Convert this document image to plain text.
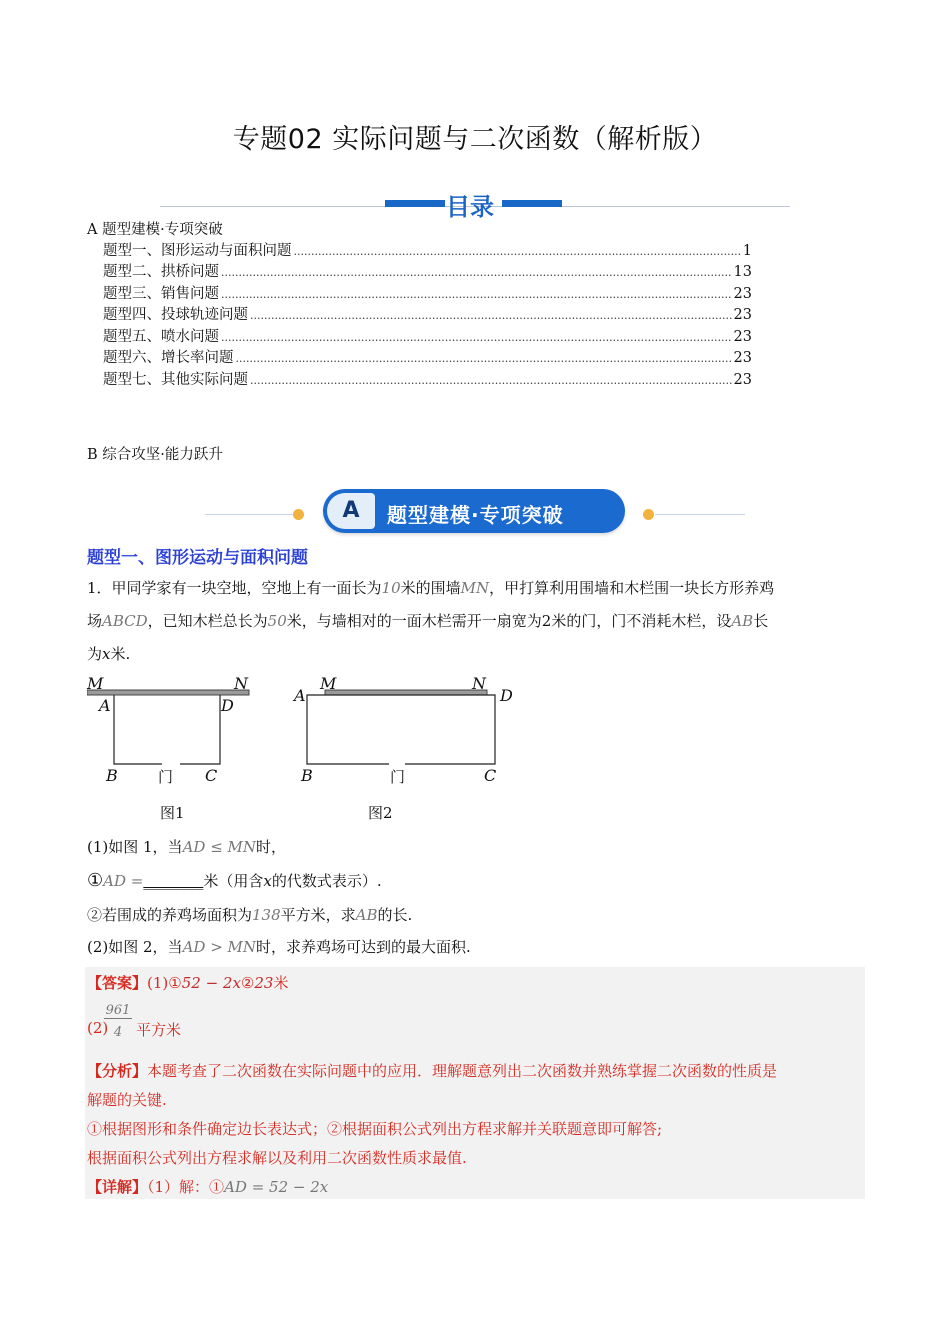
专题02 实际问题与二次函数（解析版）
目录
A 题型建模·专项突破
题型一、图形运动与面积问题 .....	1
题型二、拱桥问题 .....	13
题型三、销售问题 .....	23
题型四、投球轨迹问题 .....	23
题型五、喷水问题 .....	23
题型六、增长率问题 .....	23
题型七、其他实际问题 .....	23
B 综合攻坚·能力跃升
A	题型建模·专项突破
题型一、图形运动与面积问题
1．甲同学家有一块空地，空地上有一面长为10米的围墙MN，甲打算利用围墙和木栏围一块长方形养鸡
场ABCD，已知木栏总长为50米，与墙相对的一面木栏需开一扇宽为2米的门，门不消耗木栏，设AB长
为x米.
M	N
A	D
B	C
门
图1
M	N
A	D
B	C
门
图2
(1)如图 1，当AD ≤ MN时，
①AD =________米（用含x的代数式表示）.
②若围成的养鸡场面积为138平方米，求AB的长.
(2)如图 2，当AD > MN时，求养鸡场可达到的最大面积.
【答案】(1)①52 − 2x②23米
(2)
961
4 平方米
【分析】本题考查了二次函数在实际问题中的应用．理解题意列出二次函数并熟练掌握二次函数的性质是
解题的关键.
①根据图形和条件确定边长表达式；②根据面积公式列出方程求解并关联题意即可解答;
根据面积公式列出方程求解以及利用二次函数性质求最值.
【详解】（1）解：①AD = 52 − 2x
